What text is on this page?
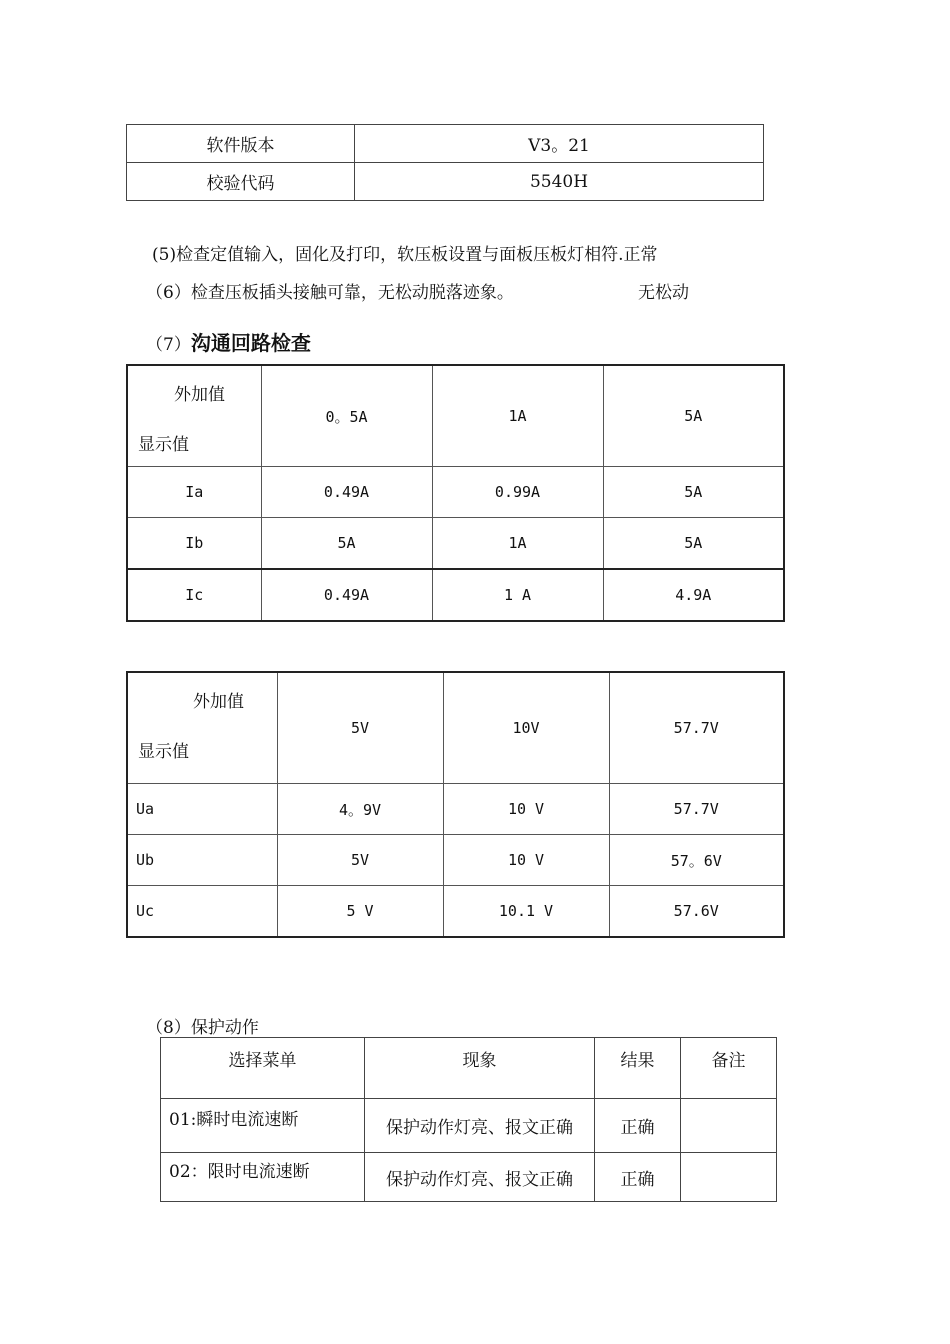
软件版本	V3。21
校验代码	5540H
(5)检查定值输入，固化及打印，软压板设置与面板压板灯相符.正常
（6）检查压板插头接触可靠，无松动脱落迹象。	无松动
（7）沟通回路检查
外加值
显示值	0。5A	1A	5A
Ia	0.49A	0.99A	5A
Ib	5A	1A	5A
Ic	0.49A	1 A	4.9A
外加值
显示值	5V	10V	57.7V
Ua	4。9V	10 V	57.7V
Ub	5V	10 V	57。6V
Uc	5 V	10.1 V	57.6V
（8）保护动作
选择菜单	现象	结果	备注
01:瞬时电流速断	保护动作灯亮、报文正确	正确	
02：限时电流速断	保护动作灯亮、报文正确	正确	
